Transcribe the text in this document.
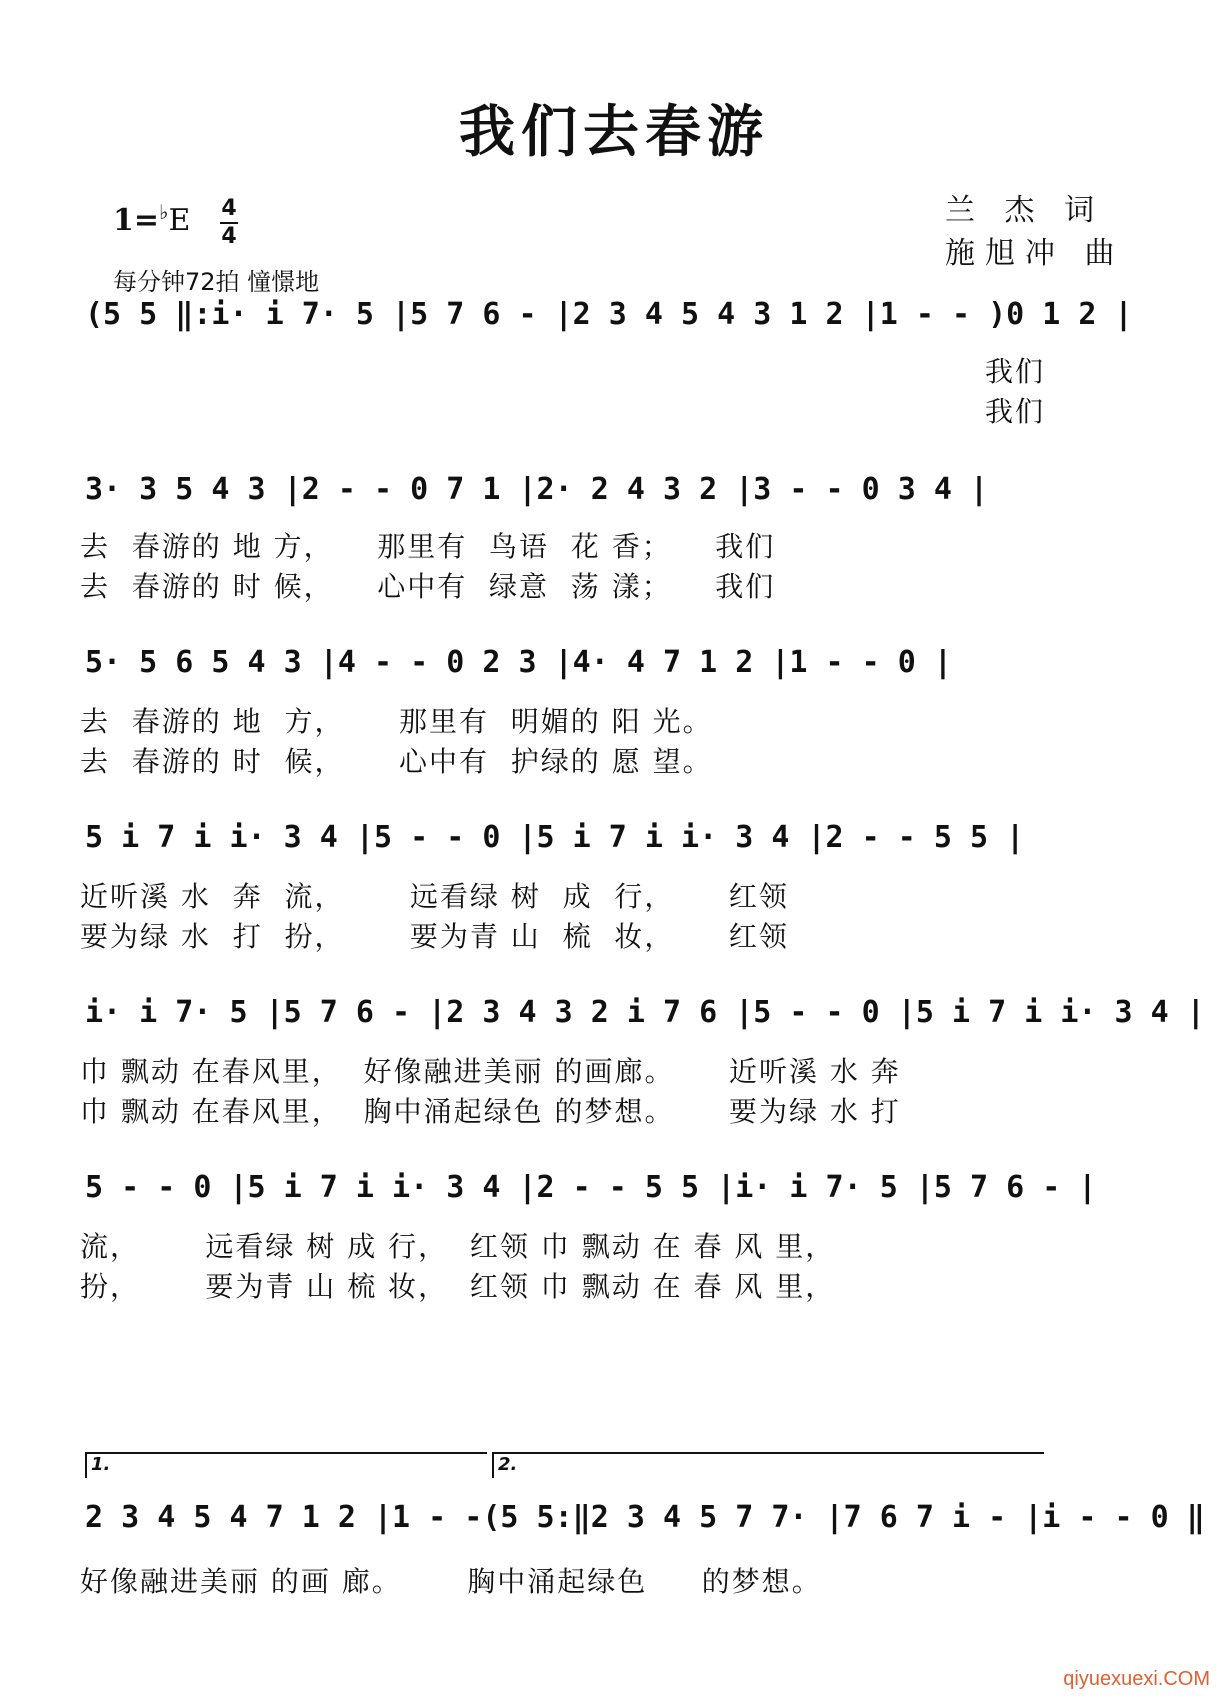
我们去春游
1=♭E 4
4
每分钟72拍 憧憬地
兰 杰 词
施旭冲 曲
(5 5 ‖:i· i 7· 5 |5 7 6 - |2 3 4 5 4 3 1 2 |1 - - )0 1 2 |
我们
我们
3· 3 5 4 3 |2 - - 0 7 1 |2· 2 4 3 2 |3 - - 0 3 4 |
去  春游的 地 方，    那里有  鸟语  花 香；    我们
去  春游的 时 候，    心中有  绿意  荡 漾；    我们
5· 5 6 5 4 3 |4 - - 0 2 3 |4· 4 7 1 2 |1 - - 0 |
去  春游的 地  方，     那里有  明媚的 阳 光。
去  春游的 时  候，     心中有  护绿的 愿 望。
5 i 7 i i· 3 4 |5 - - 0 |5 i 7 i i· 3 4 |2 - - 5 5 |
近听溪 水  奔  流，      远看绿 树  成  行，     红领
要为绿 水  打  扮，      要为青 山  梳  妆，     红领
i· i 7· 5 |5 7 6 - |2 3 4 3 2 i 7 6 |5 - - 0 |5 i 7 i i· 3 4 |
巾 飘动 在春风里，  好像融进美丽 的画廊。     近听溪 水 奔
巾 飘动 在春风里，  胸中涌起绿色 的梦想。     要为绿 水 打
5 - - 0 |5 i 7 i i· 3 4 |2 - - 5 5 |i· i 7· 5 |5 7 6 - |
流，      远看绿 树 成 行，  红领 巾 飘动 在 春 风 里，
扮，      要为青 山 梳 妆，  红领 巾 飘动 在 春 风 里，
1.	2.
2 3 4 5 4 7 1 2 |1 - -(5 5:‖2 3 4 5 7 7· |7 6 7 i - |i - - 0 ‖
好像融进美丽 的画 廊。      胸中涌起绿色     的梦想。
qiyuexuexi.COM
